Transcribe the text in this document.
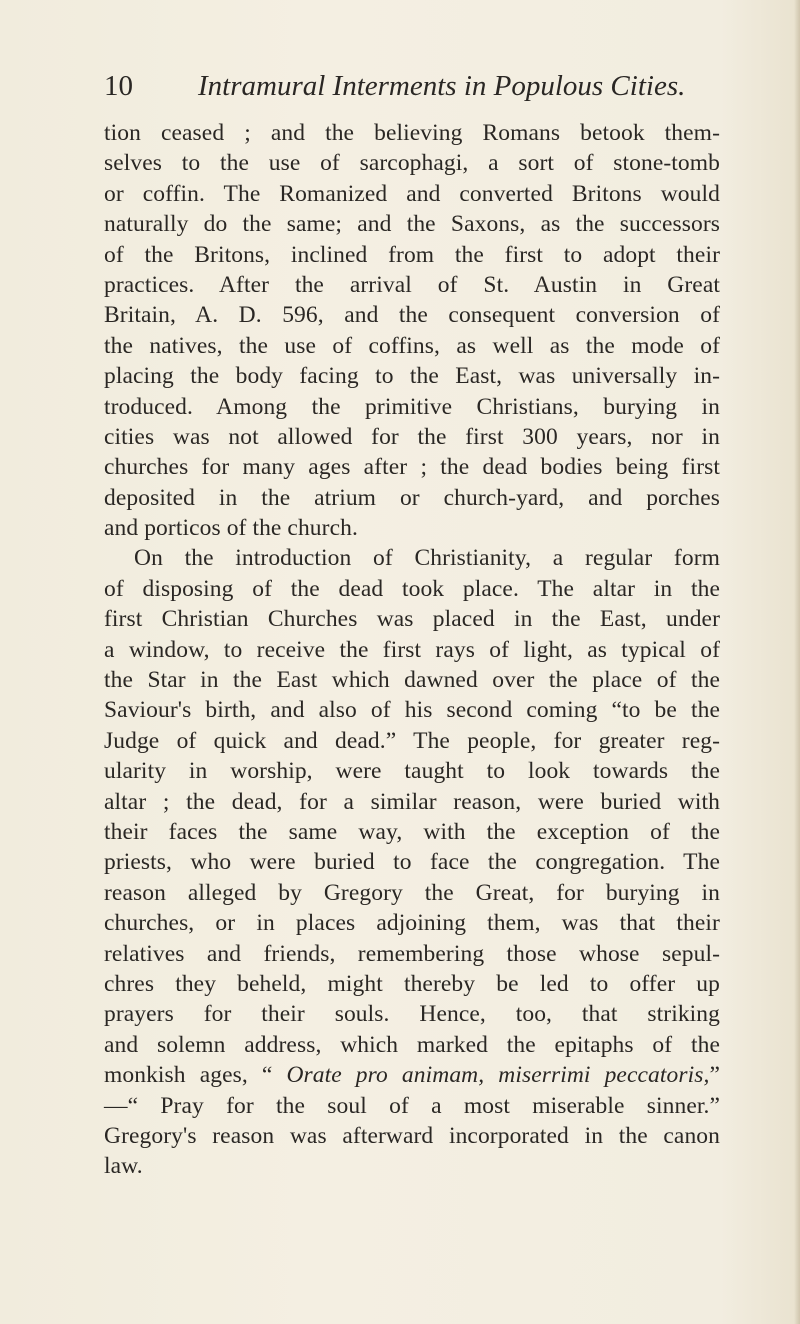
10 Intramural Interments in Populous Cities.
tion ceased ; and the believing Romans betook them-
selves to the use of sarcophagi, a sort of stone-tomb
or coffin. The Romanized and converted Britons would
naturally do the same; and the Saxons, as the successors
of the Britons, inclined from the first to adopt their
practices. After the arrival of St. Austin in Great
Britain, A. D. 596, and the consequent conversion of
the natives, the use of coffins, as well as the mode of
placing the body facing to the East, was universally in-
troduced. Among the primitive Christians, burying in
cities was not allowed for the first 300 years, nor in
churches for many ages after ; the dead bodies being first
deposited in the atrium or church-yard, and porches
and porticos of the church.
On the introduction of Christianity, a regular form
of disposing of the dead took place. The altar in the
first Christian Churches was placed in the East, under
a window, to receive the first rays of light, as typical of
the Star in the East which dawned over the place of the
Saviour's birth, and also of his second coming “to be the
Judge of quick and dead.” The people, for greater reg-
ularity in worship, were taught to look towards the
altar ; the dead, for a similar reason, were buried with
their faces the same way, with the exception of the
priests, who were buried to face the congregation. The
reason alleged by Gregory the Great, for burying in
churches, or in places adjoining them, was that their
relatives and friends, remembering those whose sepul-
chres they beheld, might thereby be led to offer up
prayers for their souls. Hence, too, that striking
and solemn address, which marked the epitaphs of the
monkish ages, “ Orate pro animam, miserrimi peccatoris,”
—“ Pray for the soul of a most miserable sinner.”
Gregory's reason was afterward incorporated in the canon
law.
